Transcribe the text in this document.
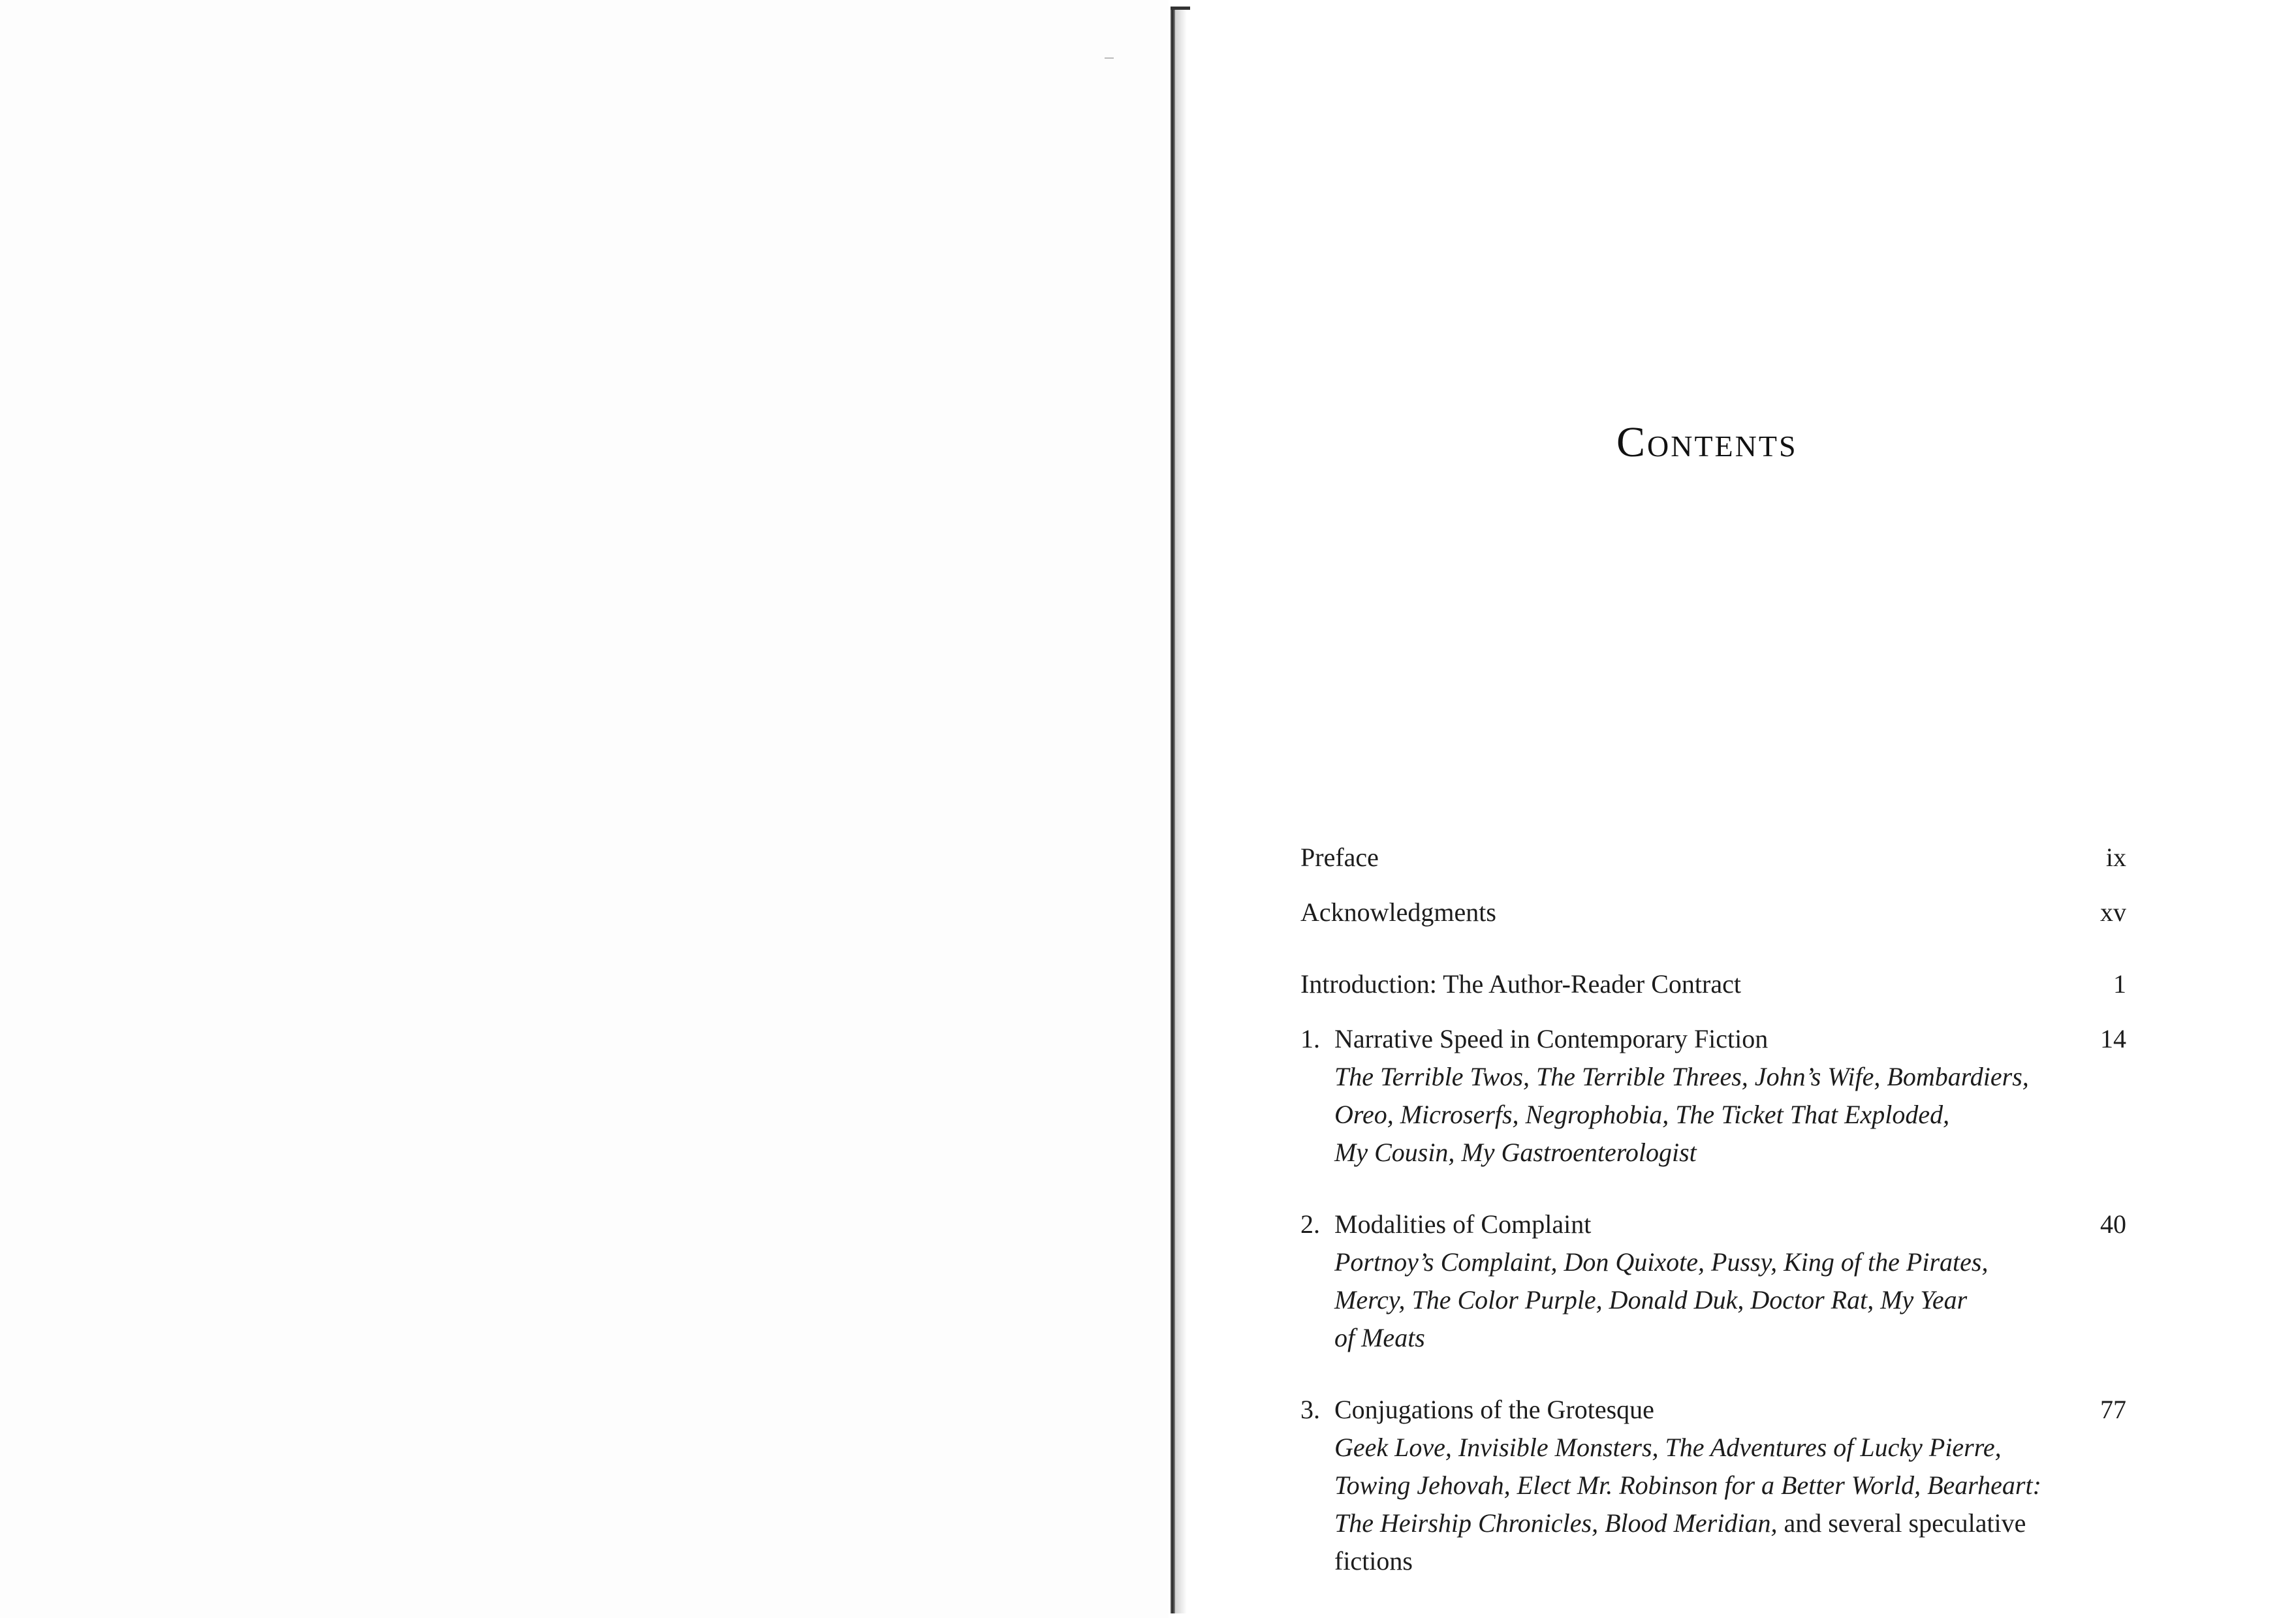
Contents
Preface	ix
Acknowledgments	xv
Introduction: The Author-Reader Contract	1
1. Narrative Speed in Contemporary Fiction	14
The Terrible Twos, The Terrible Threes, John’s Wife, Bombardiers,
Oreo, Microserfs, Negrophobia, The Ticket That Exploded,
My Cousin, My Gastroenterologist
2. Modalities of Complaint	40
Portnoy’s Complaint, Don Quixote, Pussy, King of the Pirates,
Mercy, The Color Purple, Donald Duk, Doctor Rat, My Year
of Meats
3. Conjugations of the Grotesque	77
Geek Love, Invisible Monsters, The Adventures of Lucky Pierre,
Towing Jehovah, Elect Mr. Robinson for a Better World, Bearheart:
The Heirship Chronicles, Blood Meridian, and several speculative
fictions
